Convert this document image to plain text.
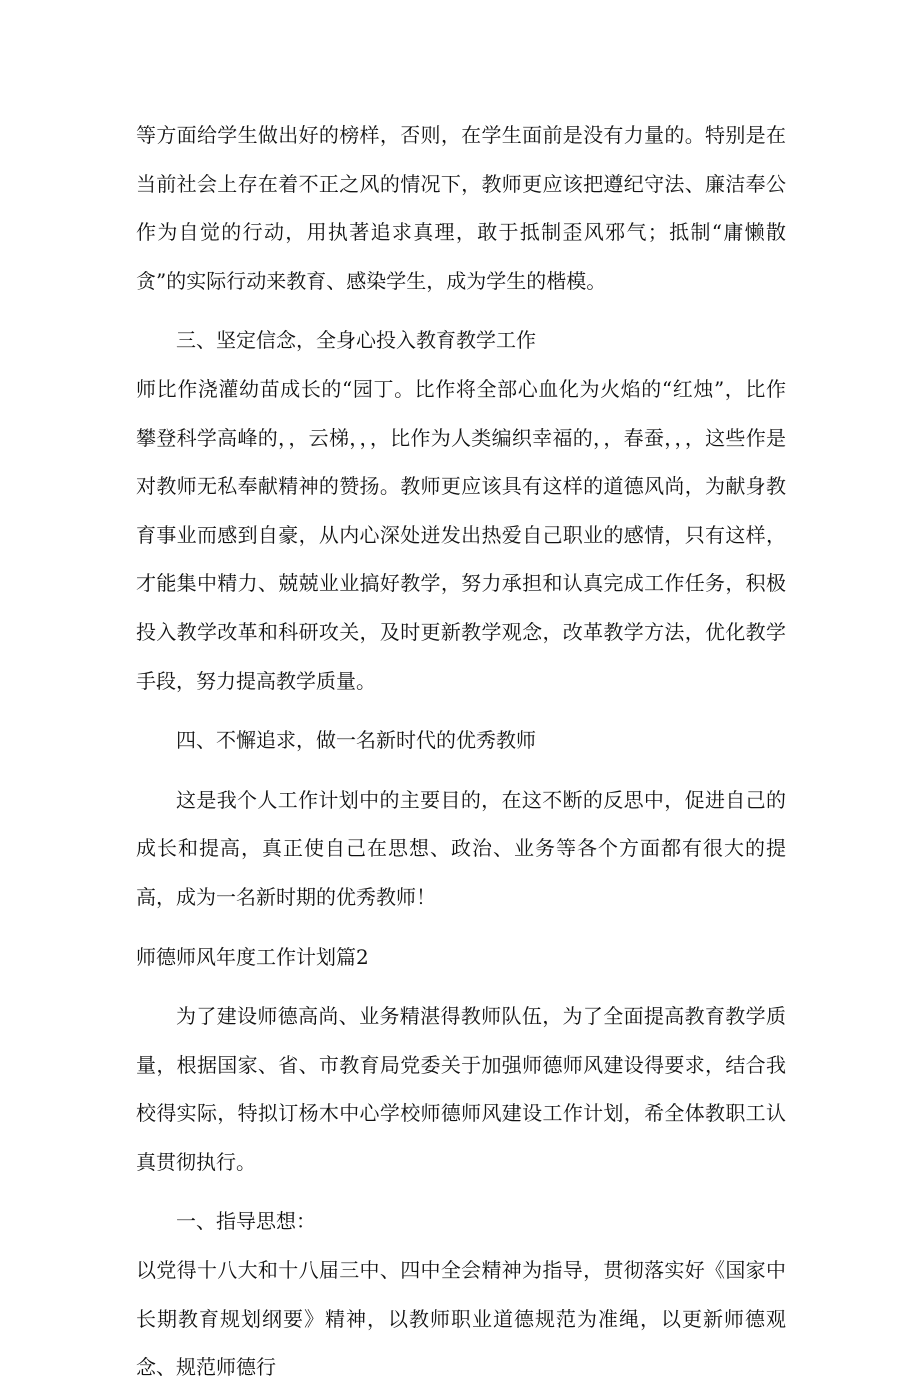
等方面给学生做出好的榜样，否则，在学生面前是没有力量的。特别是在当前社会上存在着不正之风的情况下，教师更应该把遵纪守法、廉洁奉公作为自觉的行动，用执著追求真理，敢于抵制歪风邪气；抵制“庸懒散贪”的实际行动来教育、感染学生，成为学生的楷模。

三、坚定信念，全身心投入教育教学工作

师比作浇灌幼苗成长的“园丁。比作将全部心血化为火焰的“红烛”，比作攀登科学高峰的，，云梯，，，比作为人类编织幸福的，，春蚕，，，这些作是对教师无私奉献精神的赞扬。教师更应该具有这样的道德风尚，为献身教育事业而感到自豪，从内心深处迸发出热爱自己职业的感情，只有这样，才能集中精力、兢兢业业搞好教学，努力承担和认真完成工作任务，积极投入教学改革和科研攻关，及时更新教学观念，改革教学方法，优化教学手段，努力提高教学质量。

四、不懈追求，做一名新时代的优秀教师

这是我个人工作计划中的主要目的，在这不断的反思中，促进自己的成长和提高，真正使自己在思想、政治、业务等各个方面都有很大的提高，成为一名新时期的优秀教师！

师德师风年度工作计划篇2

为了建设师德高尚、业务精湛得教师队伍，为了全面提高教育教学质量，根据国家、省、市教育局党委关于加强师德师风建设得要求，结合我校得实际，特拟订杨木中心学校师德师风建设工作计划，希全体教职工认真贯彻执行。

一、指导思想：

以党得十八大和十八届三中、四中全会精神为指导，贯彻落实好《国家中长期教育规划纲要》精神，以教师职业道德规范为准绳，以更新师德观念、规范师德行
